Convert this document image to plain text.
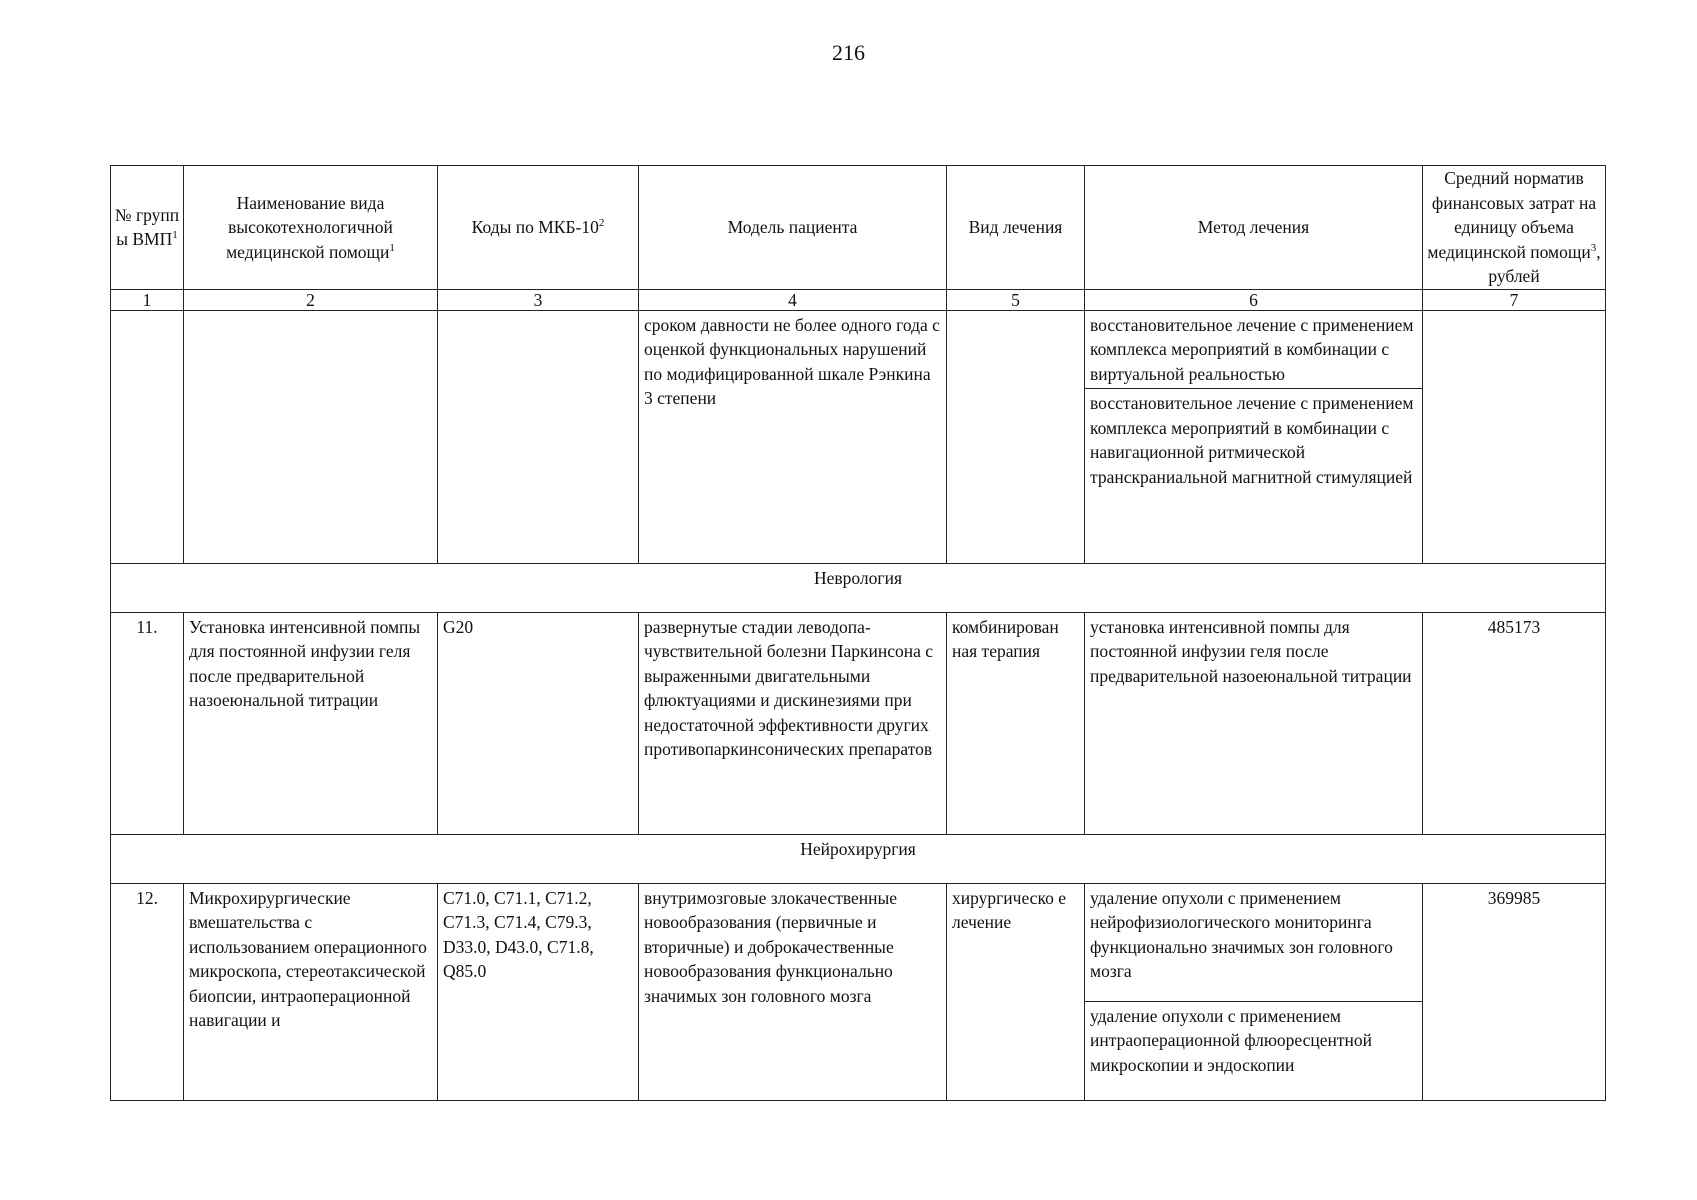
216
№ групп ы ВМП$^1$	Наименование вида высокотехнологичной медицинской помощи$^1$	Коды по МКБ-$10^2$	Модель пациента	Вид лечения	Метод лечения	Средний норматив финансовых затрат на единицу объема медицинской помощи$^3$, рублей
1	2	3	4	5	6	7
			сроком давности не более одного года с оценкой функциональных нарушений по модифицированной шкале Рэнкина 3 степени		восстановительное лечение с применением комплекса мероприятий в комбинации с виртуальной реальностью
восстановительное лечение с применением комплекса мероприятий в комбинации с навигационной ритмической транскраниальной магнитной стимуляцией	

Неврология						
11.	Установка интенсивной помпы для постоянной инфузии геля после предварительной назоеюнальной титрации	G20	развернутые стадии леводопа-чувствительной болезни Паркинсона с выраженными двигательными флюктуациями и дискинезиями при недостаточной эффективности других противопаркинсонических препаратов	комбинирован ная терапия	установка интенсивной помпы для постоянной инфузии геля после предварительной назоеюнальной титрации	485173
Нейрохирургия						
12.	Микрохирургические вмешательства с использованием операционного микроскопа, стереотаксической биопсии, интраоперационной навигации и	C71.0, C71.1, C71.2, C71.3, C71.4, C79.3, D33.0, D43.0, C71.8, Q85.0	внутримозговые злокачественные новообразования (первичные и вторичные) и доброкачественные новообразования функционально значимых зон головного мозга	хирургическо е лечение	удаление опухоли с применением нейрофизиологического мониторинга функционально значимых зон головного мозга
удаление опухоли с применением интраоперационной флюоресцентной микроскопии и эндоскопии	369985
